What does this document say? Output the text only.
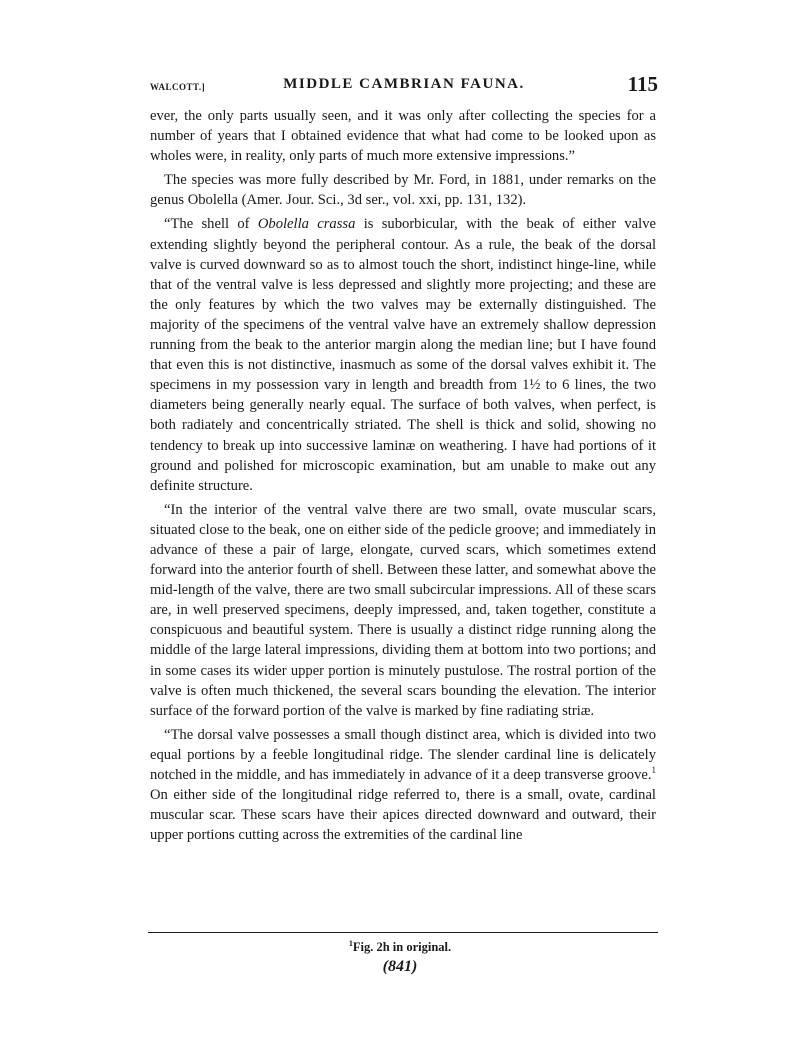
WALCOTT.]	MIDDLE CAMBRIAN FAUNA.	115

ever, the only parts usually seen, and it was only after collecting the species for a number of years that I obtained evidence that what had come to be looked upon as wholes were, in reality, only parts of much more extensive impressions.”

The species was more fully described by Mr. Ford, in 1881, under remarks on the genus Obolella (Amer. Jour. Sci., 3d ser., vol. xxi, pp. 131, 132).

“The shell of Obolella crassa is suborbicular, with the beak of either valve extending slightly beyond the peripheral contour. As a rule, the beak of the dorsal valve is curved downward so as to almost touch the short, indistinct hinge-line, while that of the ventral valve is less depressed and slightly more projecting; and these are the only features by which the two valves may be externally distinguished. The majority of the specimens of the ventral valve have an extremely shallow depression running from the beak to the anterior margin along the median line; but I have found that even this is not distinctive, inasmuch as some of the dorsal valves exhibit it. The specimens in my possession vary in length and breadth from 1½ to 6 lines, the two diameters being generally nearly equal. The surface of both valves, when perfect, is both radiately and concentrically striated. The shell is thick and solid, showing no tendency to break up into successive laminæ on weathering. I have had portions of it ground and polished for microscopic examination, but am unable to make out any definite structure.

“In the interior of the ventral valve there are two small, ovate muscular scars, situated close to the beak, one on either side of the pedicle groove; and immediately in advance of these a pair of large, elongate, curved scars, which sometimes extend forward into the anterior fourth of shell. Between these latter, and somewhat above the mid-length of the valve, there are two small subcircular impressions. All of these scars are, in well preserved specimens, deeply impressed, and, taken together, constitute a conspicuous and beautiful system. There is usually a distinct ridge running along the middle of the large lateral impressions, dividing them at bottom into two portions; and in some cases its wider upper portion is minutely pustulose. The rostral portion of the valve is often much thickened, the several scars bounding the elevation. The interior surface of the forward portion of the valve is marked by fine radiating striæ.

“The dorsal valve possesses a small though distinct area, which is divided into two equal portions by a feeble longitudinal ridge. The slender cardinal line is delicately notched in the middle, and has immediately in advance of it a deep transverse groove.$^1$ On either side of the longitudinal ridge referred to, there is a small, ovate, cardinal muscular scar. These scars have their apices directed downward and outward, their upper portions cutting across the extremities of the cardinal line

$^1$Fig. 2h in original.
(841)
